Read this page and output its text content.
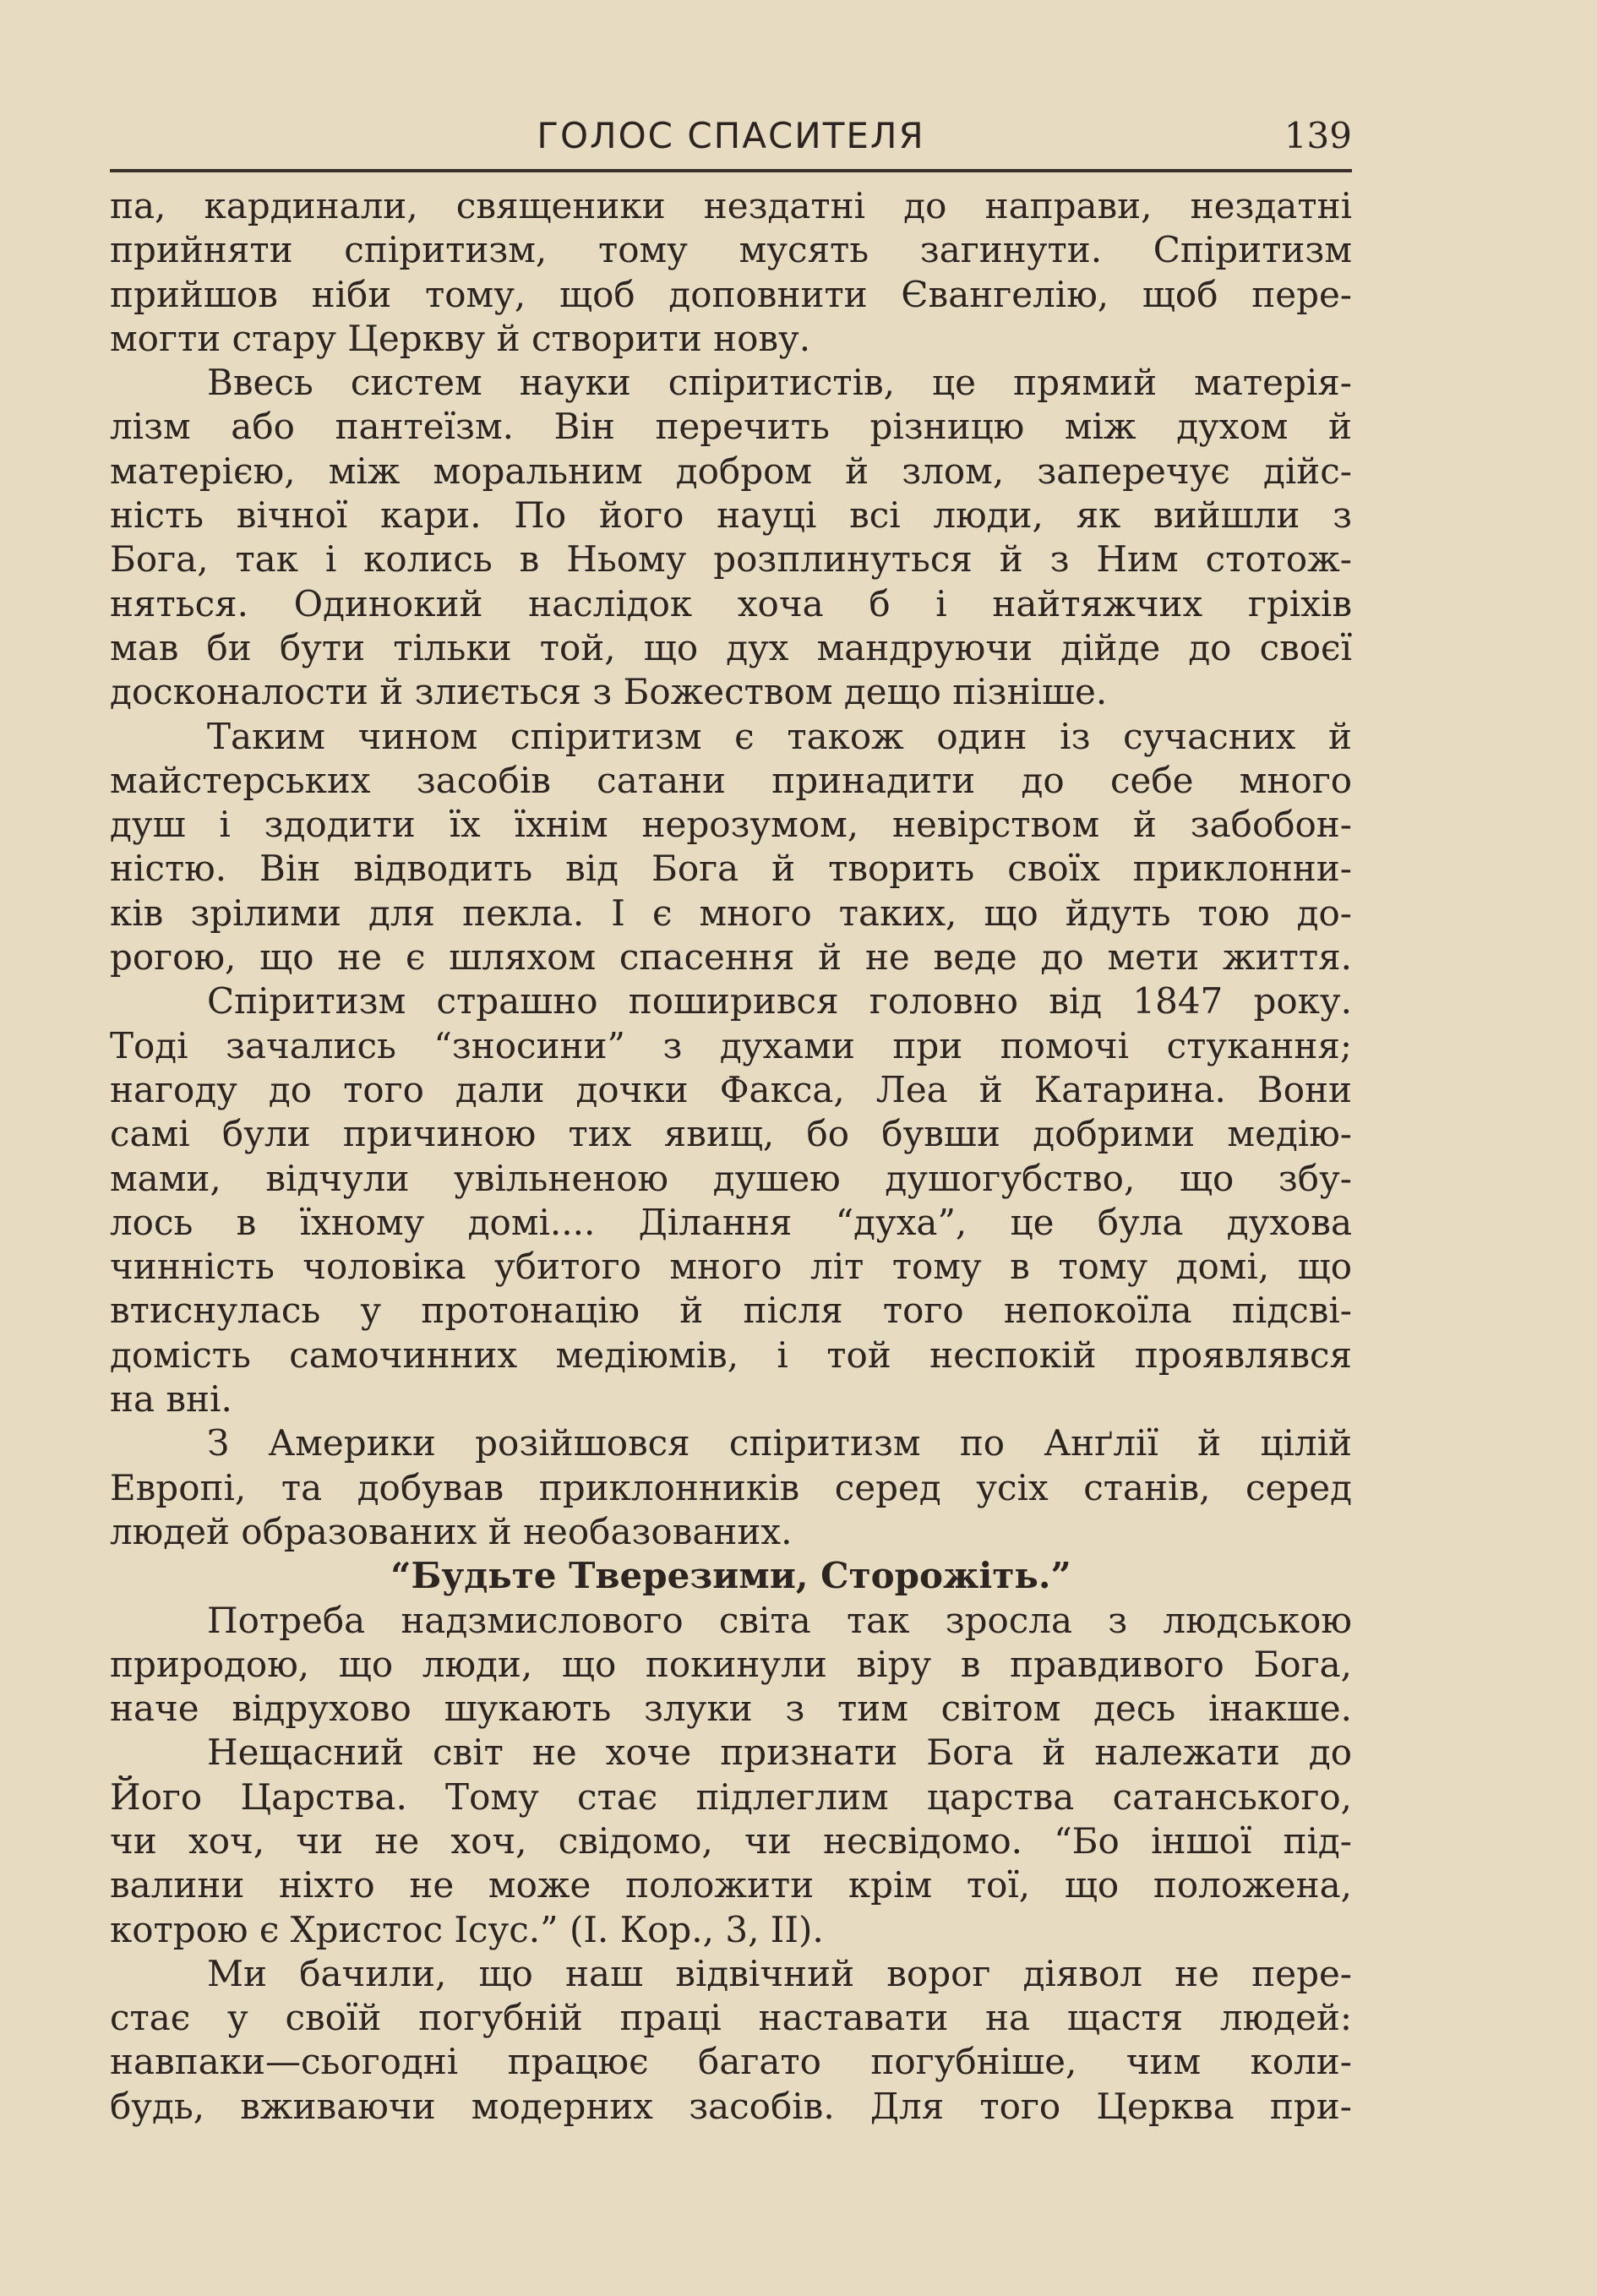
ГОЛОС СПАСИТЕЛЯ	139
па, кардинали, священики нездатні до направи, нездатні
прийняти спіритизм, тому мусять загинути. Спіритизм
прийшов ніби тому, щоб доповнити Євангелію, щоб пере-
могти стару Церкву й створити нову.
Ввесь систем науки спіритистів, це прямий матерія-
лізм або пантеїзм. Він перечить різницю між духом й
матерією, між моральним добром й злом, заперечує дійс-
ність вічної кари. По його науці всі люди, як вийшли з
Бога, так і колись в Ньому розплинуться й з Ним стотож-
няться. Одинокий наслідок хоча б і найтяжчих гріхів
мав би бути тільки той, що дух мандруючи дійде до своєї
досконалости й злиється з Божеством дещо пізніше.
Таким чином спіритизм є також один із сучасних й
майстерських засобів сатани принадити до себе много
душ і здодити їх їхнім нерозумом, невірством й забобон-
ністю. Він відводить від Бога й творить своїх приклонни-
ків зрілими для пекла. І є много таких, що йдуть тою до-
рогою, що не є шляхом спасення й не веде до мети життя.
Спіритизм страшно поширився головно від 1847 року.
Тоді зачались “зносини” з духами при помочі стукання;
нагоду до того дали дочки Факса, Леа й Катарина. Вони
самі були причиною тих явищ, бо бувши добрими медію-
мами, відчули увільненою душею душогубство, що збу-
лось в їхному домі.... Ділання “духа”, це була духова
чинність чоловіка убитого много літ тому в тому домі, що
втиснулась у протонацію й після того непокоїла підсві-
домість самочинних медіюмів, і той неспокій проявлявся
на вні.
З Америки розійшовся спіритизм по Анґлії й цілій
Европі, та добував приклонників серед усіх станів, серед
людей образованих й необазованих.
“Будьте Тверезими, Сторожіть.”
Потреба надзмислового світа так зросла з людською
природою, що люди, що покинули віру в правдивого Бога,
наче відрухово шукають злуки з тим світом десь інакше.
Нещасний світ не хоче признати Бога й належати до
Його Царства. Тому стає підлеглим царства сатанського,
чи хоч, чи не хоч, свідомо, чи несвідомо. “Бо іншої під-
валини ніхто не може положити крім тої, що положена,
котрою є Христос Ісус.” (І. Кор., 3, ІІ).
Ми бачили, що наш відвічний ворог діявол не пере-
стає у своїй погубній праці наставати на щастя людей:
навпаки—сьогодні працює багато погубніше, чим коли-
будь, вживаючи модерних засобів. Для того Церква при-
